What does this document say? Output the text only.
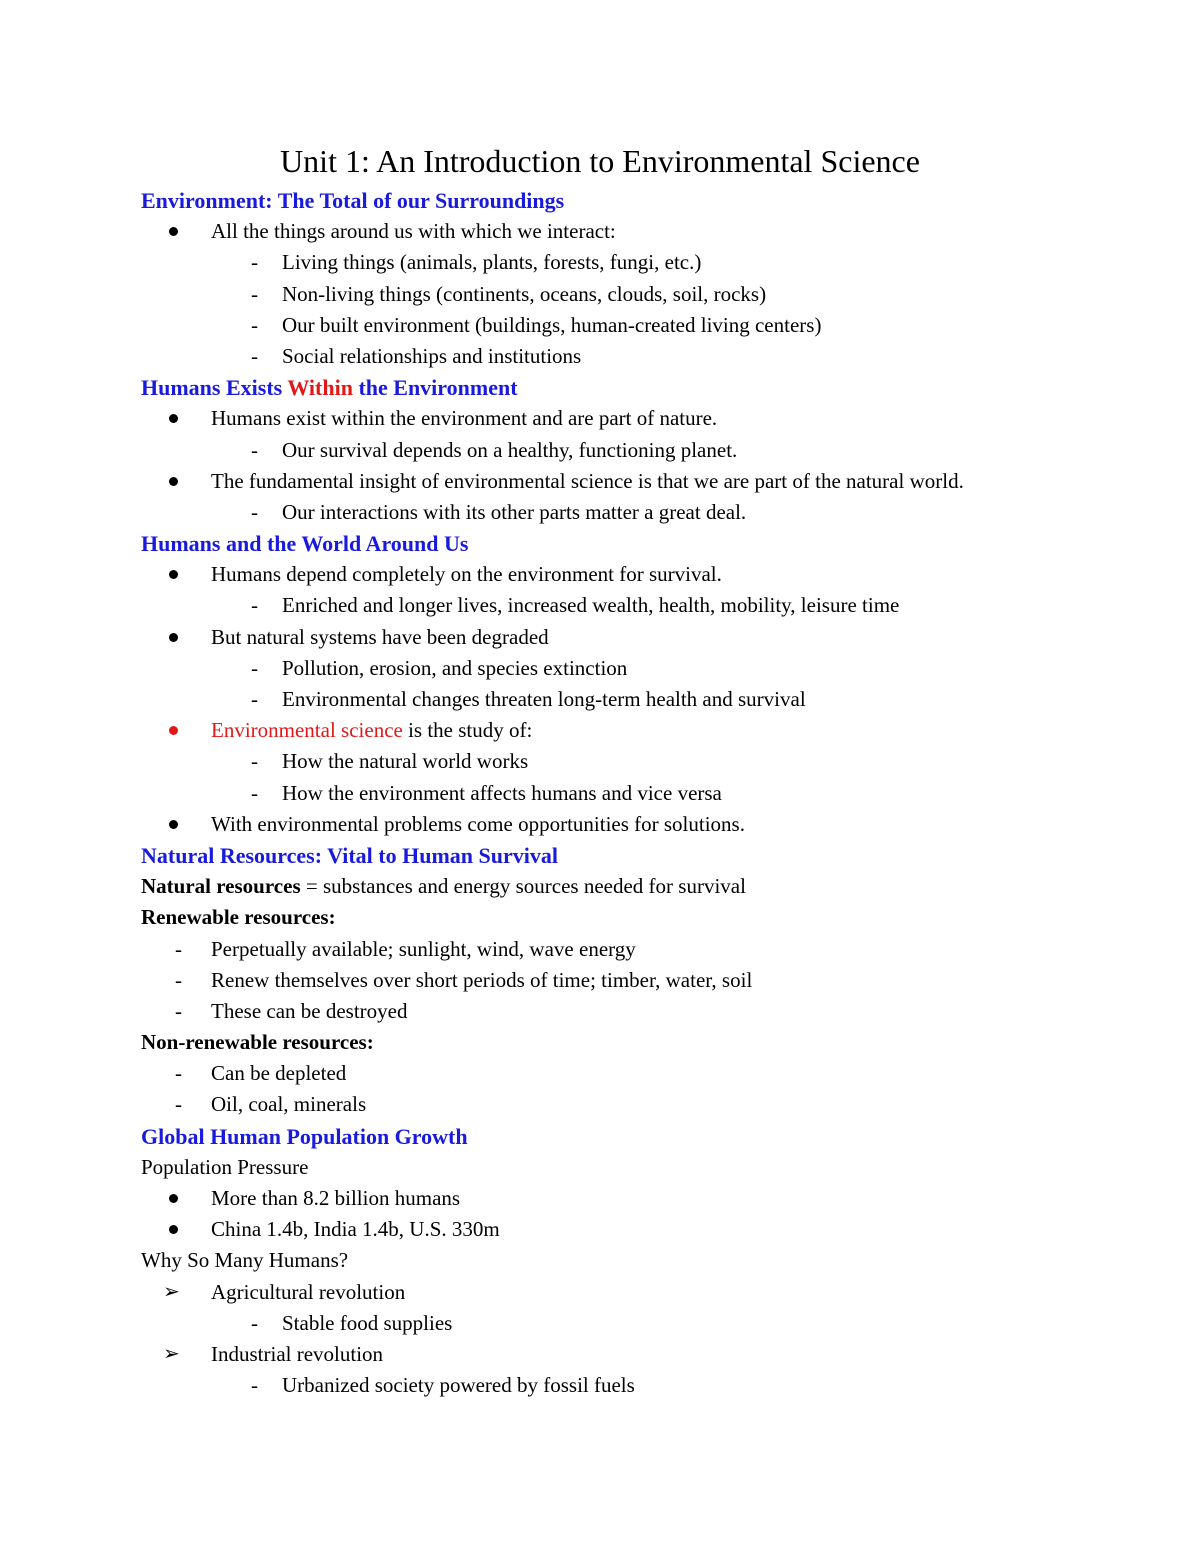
Unit 1: An Introduction to Environmental Science
Environment: The Total of our Surroundings
All the things around us with which we interact:
- Living things (animals, plants, forests, fungi, etc.)
- Non-living things (continents, oceans, clouds, soil, rocks)
- Our built environment (buildings, human-created living centers)
- Social relationships and institutions
Humans Exists Within the Environment
Humans exist within the environment and are part of nature.
- Our survival depends on a healthy, functioning planet.
The fundamental insight of environmental science is that we are part of the natural world.
- Our interactions with its other parts matter a great deal.
Humans and the World Around Us
Humans depend completely on the environment for survival.
- Enriched and longer lives, increased wealth, health, mobility, leisure time
But natural systems have been degraded
- Pollution, erosion, and species extinction
- Environmental changes threaten long-term health and survival
Environmental science is the study of:
- How the natural world works
- How the environment affects humans and vice versa
With environmental problems come opportunities for solutions.
Natural Resources: Vital to Human Survival
Natural resources = substances and energy sources needed for survival
Renewable resources:
- Perpetually available; sunlight, wind, wave energy
- Renew themselves over short periods of time; timber, water, soil
- These can be destroyed
Non-renewable resources:
- Can be depleted
- Oil, coal, minerals
Global Human Population Growth
Population Pressure
More than 8.2 billion humans
China 1.4b, India 1.4b, U.S. 330m
Why So Many Humans?
➢ Agricultural revolution
- Stable food supplies
➢ Industrial revolution
- Urbanized society powered by fossil fuels
